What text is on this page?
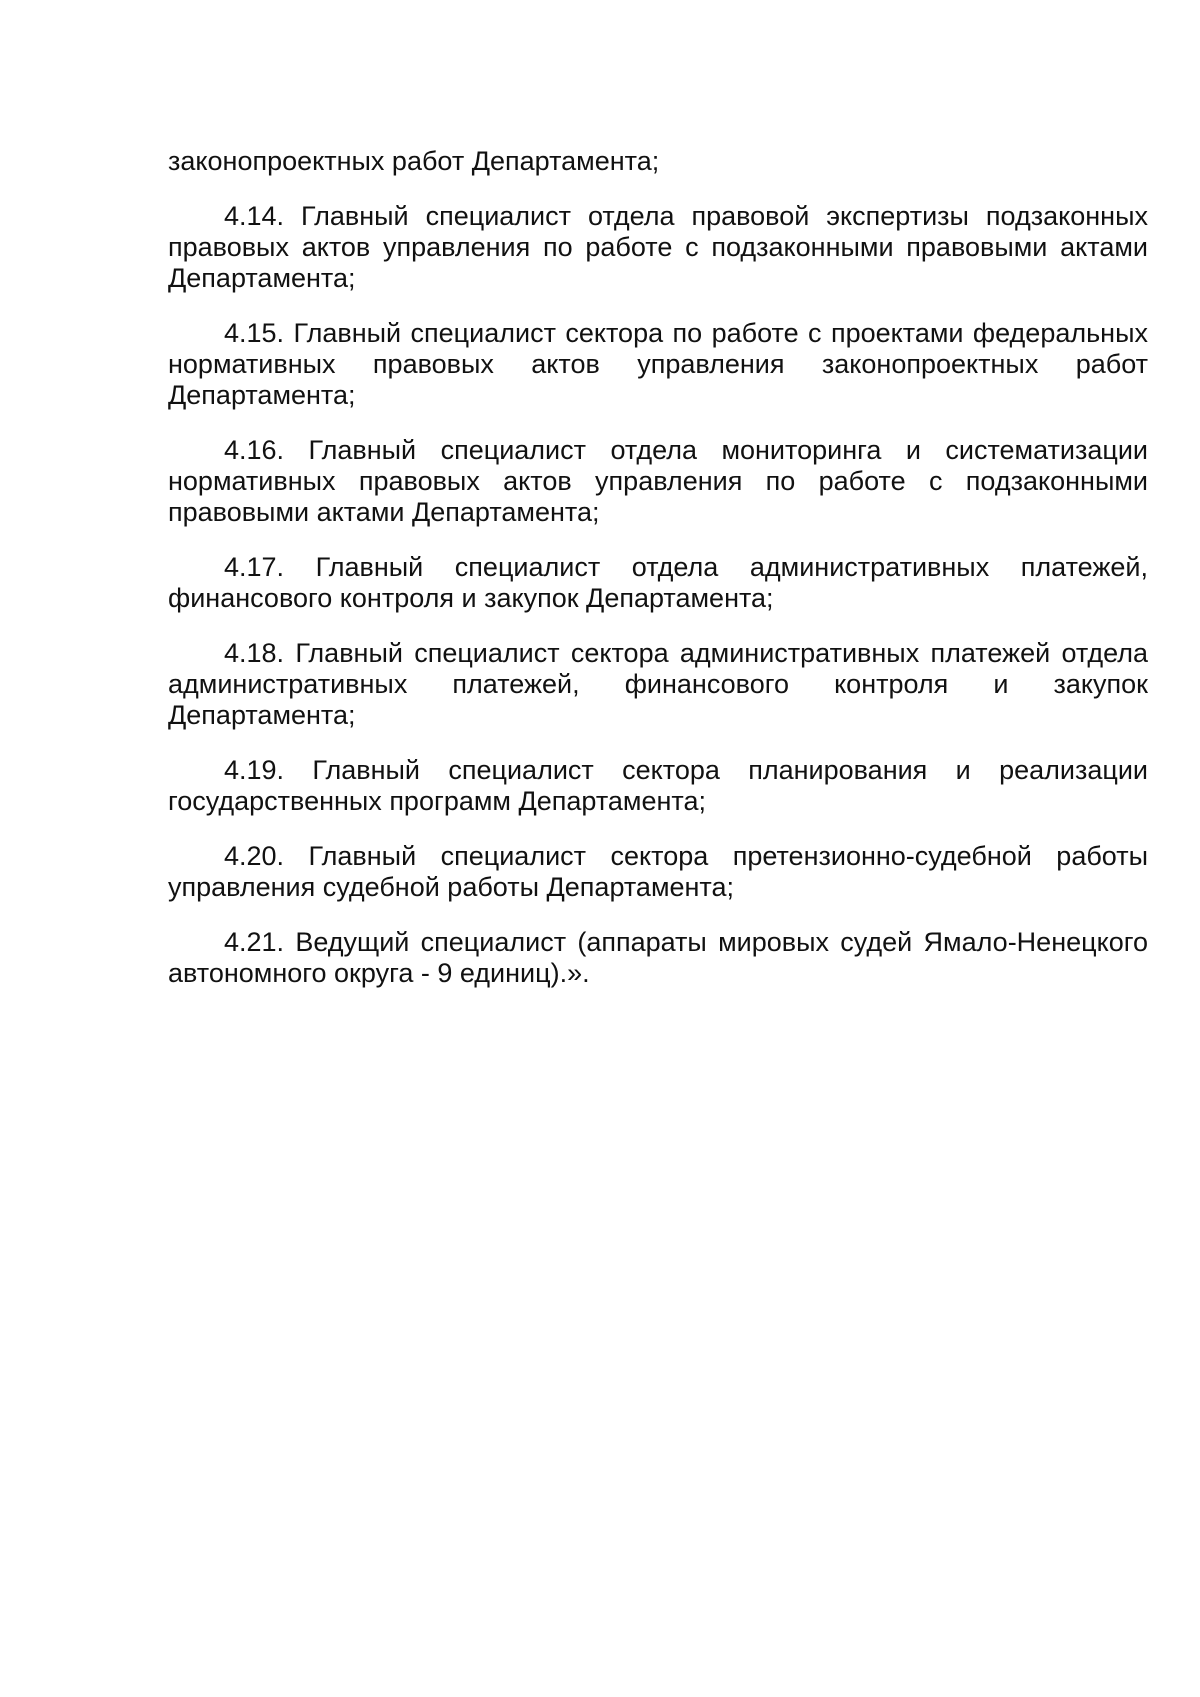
законопроектных работ Департамента;

4.14. Главный специалист отдела правовой экспертизы подзаконных правовых актов управления по работе с подзаконными правовыми актами Департамента;

4.15. Главный специалист сектора по работе с проектами федеральных нормативных правовых актов управления законопроектных работ Департамента;

4.16. Главный специалист отдела мониторинга и систематизации нормативных правовых актов управления по работе с подзаконными правовыми актами Департамента;

4.17. Главный специалист отдела административных платежей, финансового контроля и закупок Департамента;

4.18. Главный специалист сектора административных платежей отдела административных платежей, финансового контроля и закупок Департамента;

4.19. Главный специалист сектора планирования и реализации государственных программ Департамента;

4.20. Главный специалист сектора претензионно-судебной работы управления судебной работы Департамента;

4.21. Ведущий специалист (аппараты мировых судей Ямало-Ненецкого автономного округа - 9 единиц).».
